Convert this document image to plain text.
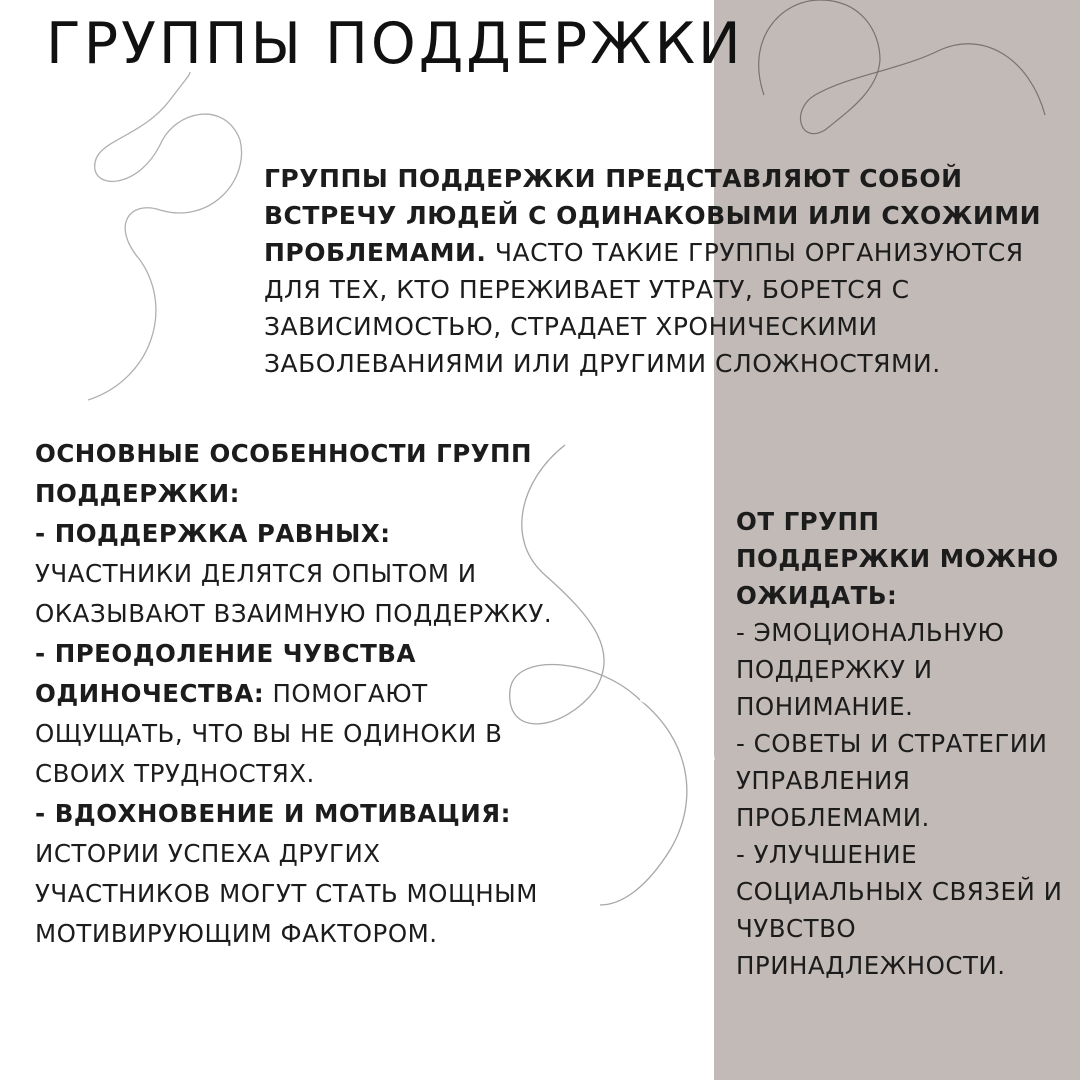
ГРУППЫ ПОДДЕРЖКИ
ГРУППЫ ПОДДЕРЖКИ ПРЕДСТАВЛЯЮТ СОБОЙ ВСТРЕЧУ ЛЮДЕЙ С ОДИНАКОВЫМИ ИЛИ СХОЖИМИ ПРОБЛЕМАМИ. ЧАСТО ТАКИЕ ГРУППЫ ОРГАНИЗУЮТСЯ ДЛЯ ТЕХ, КТО ПЕРЕЖИВАЕТ УТРАТУ, БОРЕТСЯ С ЗАВИСИМОСТЬЮ, СТРАДАЕТ ХРОНИЧЕСКИМИ ЗАБОЛЕВАНИЯМИ ИЛИ ДРУГИМИ СЛОЖНОСТЯМИ.
ОСНОВНЫЕ ОСОБЕННОСТИ ГРУПП ПОДДЕРЖКИ:
- ПОДДЕРЖКА РАВНЫХ: УЧАСТНИКИ ДЕЛЯТСЯ ОПЫТОМ И ОКАЗЫВАЮТ ВЗАИМНУЮ ПОДДЕРЖКУ.
- ПРЕОДОЛЕНИЕ ЧУВСТВА ОДИНОЧЕСТВА: ПОМОГАЮТ ОЩУЩАТЬ, ЧТО ВЫ НЕ ОДИНОКИ В СВОИХ ТРУДНОСТЯХ.
- ВДОХНОВЕНИЕ И МОТИВАЦИЯ: ИСТОРИИ УСПЕХА ДРУГИХ УЧАСТНИКОВ МОГУТ СТАТЬ МОЩНЫМ МОТИВИРУЮЩИМ ФАКТОРОМ.
ОТ ГРУПП ПОДДЕРЖКИ МОЖНО ОЖИДАТЬ:
- ЭМОЦИОНАЛЬНУЮ ПОДДЕРЖКУ И ПОНИМАНИЕ.
- СОВЕТЫ И СТРАТЕГИИ УПРАВЛЕНИЯ ПРОБЛЕМАМИ.
- УЛУЧШЕНИЕ СОЦИАЛЬНЫХ СВЯЗЕЙ И ЧУВСТВО ПРИНАДЛЕЖНОСТИ.
